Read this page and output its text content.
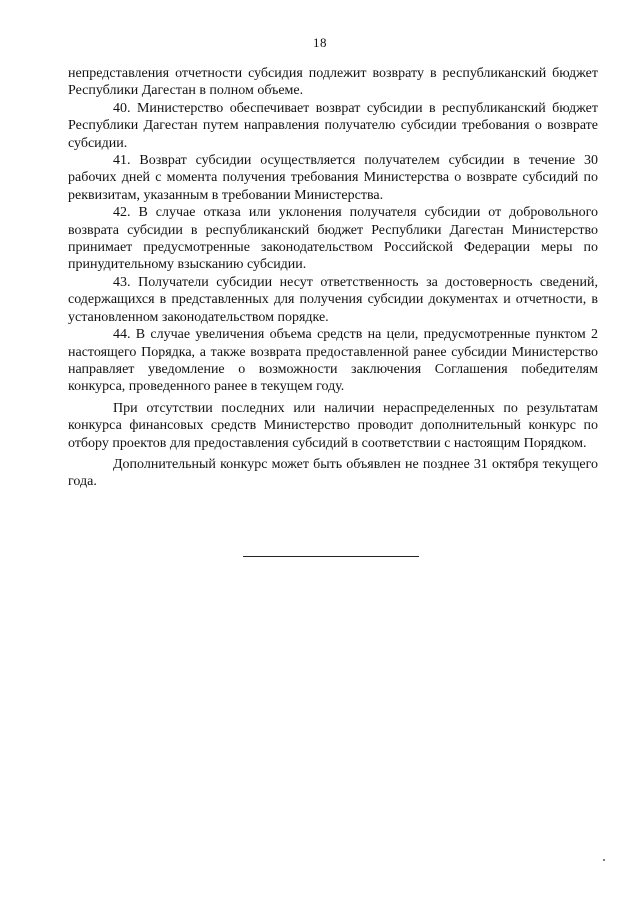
18

непредставления отчетности субсидия подлежит возврату в республиканский бюджет Республики Дагестан в полном объеме.

40. Министерство обеспечивает возврат субсидии в республиканский бюджет Республики Дагестан путем направления получателю субсидии требования о возврате субсидии.

41. Возврат субсидии осуществляется получателем субсидии в течение 30 рабочих дней с момента получения требования Министерства о возврате субсидий по реквизитам, указанным в требовании Министерства.

42. В случае отказа или уклонения получателя субсидии от добровольного возврата субсидии в республиканский бюджет Республики Дагестан Министерство принимает предусмотренные законодательством Российской Федерации меры по принудительному взысканию субсидии.

43. Получатели субсидии несут ответственность за достоверность сведений, содержащихся в представленных для получения субсидии документах и отчетности, в установленном законодательством порядке.

44. В случае увеличения объема средств на цели, предусмотренные пунктом 2 настоящего Порядка, а также возврата предоставленной ранее субсидии Министерство направляет уведомление о возможности заключения Соглашения победителям конкурса, проведенного ранее в текущем году.

При отсутствии последних или наличии нераспределенных по результатам конкурса финансовых средств Министерство проводит дополнительный конкурс по отбору проектов для предоставления субсидий в соответствии с настоящим Порядком.

Дополнительный конкурс может быть объявлен не позднее 31 октября текущего года.
